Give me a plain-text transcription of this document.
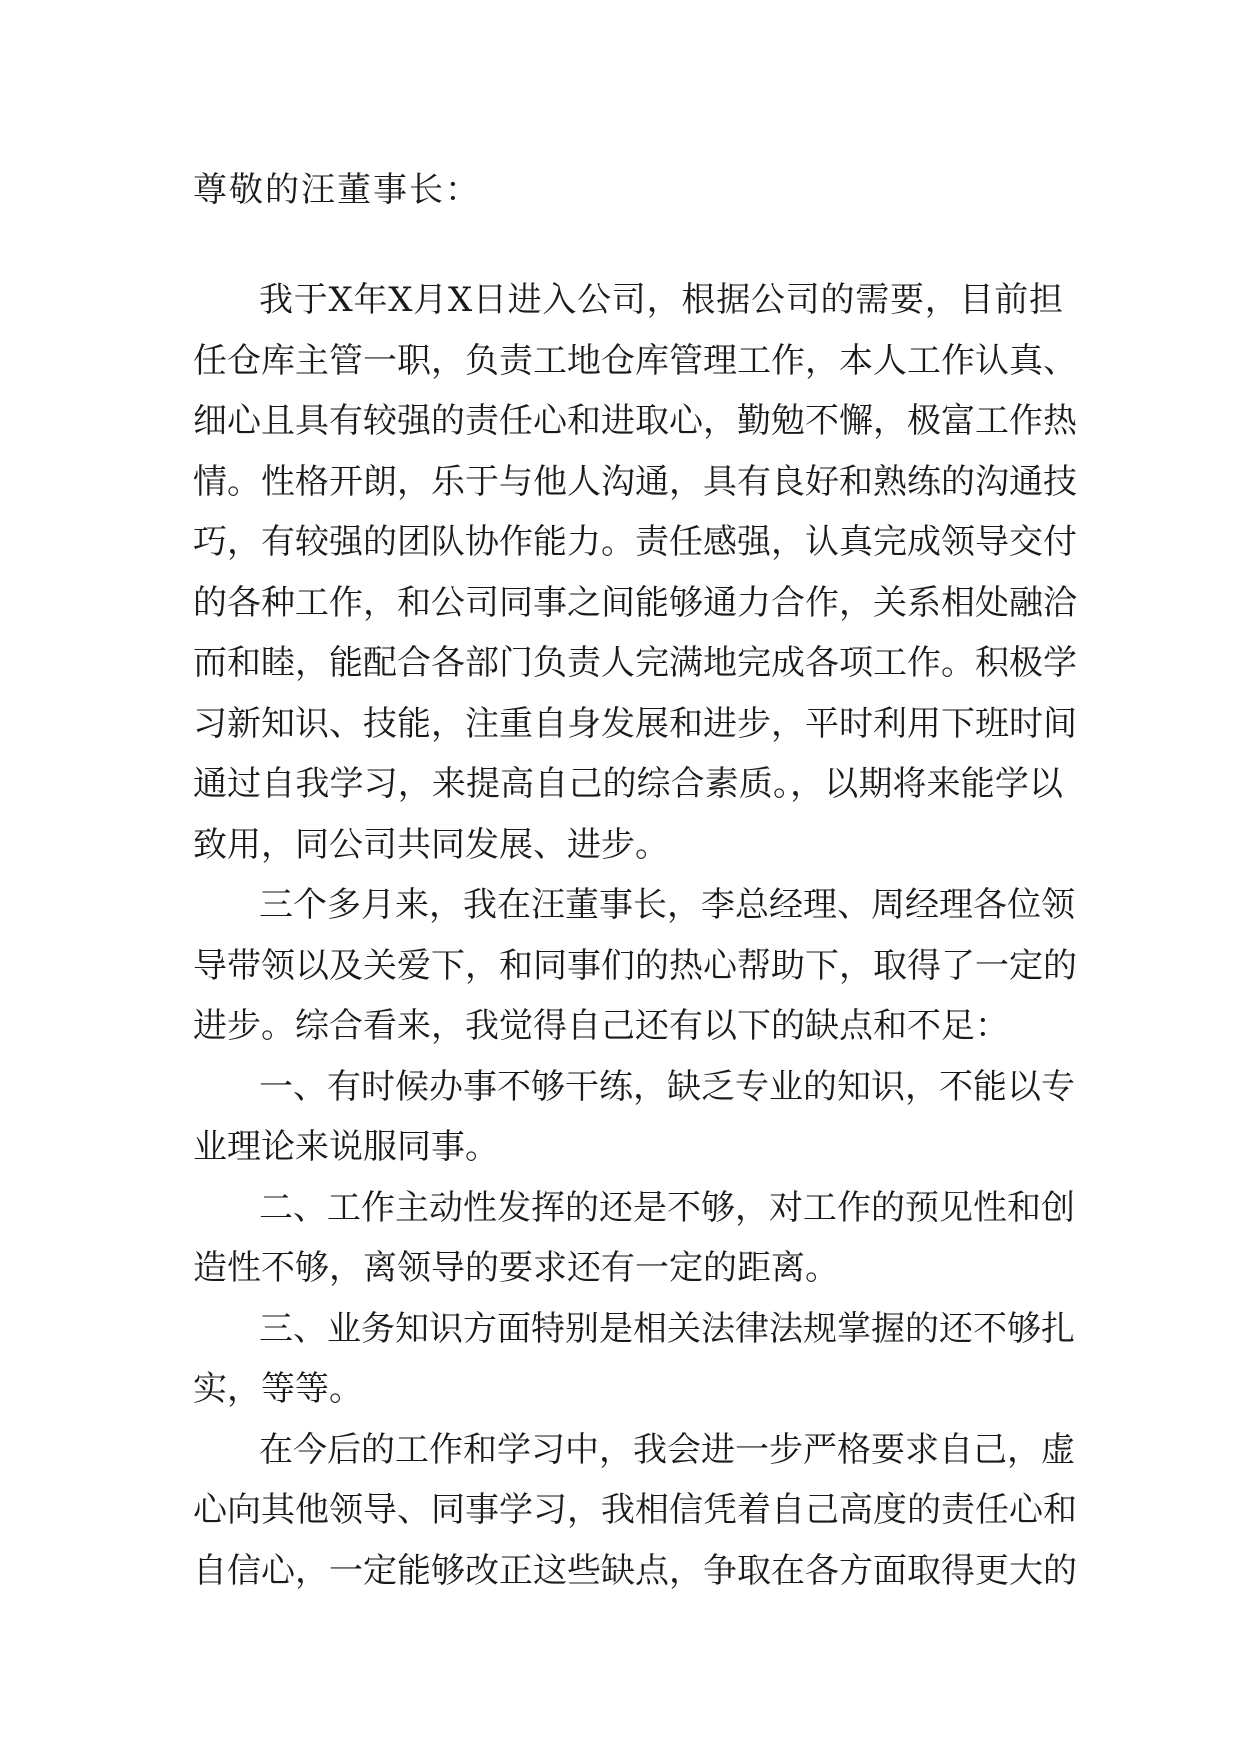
尊敬的汪董事长：
我于X年X月X日进入公司，根据公司的需要，目前担
任仓库主管一职，负责工地仓库管理工作，本人工作认真、
细心且具有较强的责任心和进取心，勤勉不懈，极富工作热
情。性格开朗，乐于与他人沟通，具有良好和熟练的沟通技
巧，有较强的团队协作能力。责任感强，认真完成领导交付
的各种工作，和公司同事之间能够通力合作，关系相处融洽
而和睦，能配合各部门负责人完满地完成各项工作。积极学
习新知识、技能，注重自身发展和进步，平时利用下班时间
通过自我学习，来提高自己的综合素质。，以期将来能学以
致用，同公司共同发展、进步。
三个多月来，我在汪董事长，李总经理、周经理各位领
导带领以及关爱下，和同事们的热心帮助下，取得了一定的
进步。综合看来，我觉得自己还有以下的缺点和不足：
一、有时候办事不够干练，缺乏专业的知识，不能以专
业理论来说服同事。
二、工作主动性发挥的还是不够，对工作的预见性和创
造性不够，离领导的要求还有一定的距离。
三、业务知识方面特别是相关法律法规掌握的还不够扎
实，等等。
在今后的工作和学习中，我会进一步严格要求自己，虚
心向其他领导、同事学习，我相信凭着自己高度的责任心和
自信心，一定能够改正这些缺点，争取在各方面取得更大的
